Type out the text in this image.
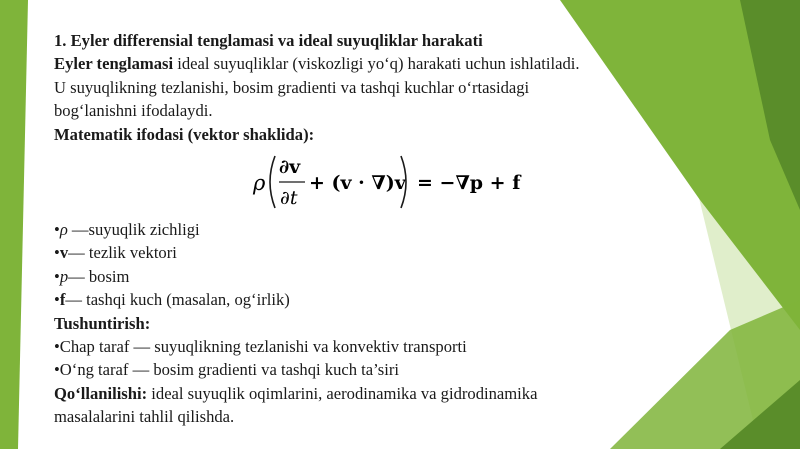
1. Eyler differensial tenglamasi va ideal suyuqliklar harakati
Eyler tenglamasi ideal suyuqliklar (viskozligi yo‘q) harakati uchun ishlatiladi.
U suyuqlikning tezlanishi, bosim gradienti va tashqi kuchlar o‘rtasidagi
bog‘lanishni ifodalaydi.
Matematik ifodasi (vektor shaklida):
ρ
∂v
∂t
+ (v · ∇)v = −∇p + f
•ρ —suyuqlik zichligi
•v— tezlik vektori
•p— bosim
•f— tashqi kuch (masalan, og‘irlik)
Tushuntirish:
•Chap taraf — suyuqlikning tezlanishi va konvektiv transporti
•O‘ng taraf — bosim gradienti va tashqi kuch ta’siri
Qo‘llanilishi: ideal suyuqlik oqimlarini, aerodinamika va gidrodinamika
masalalarini tahlil qilishda.
